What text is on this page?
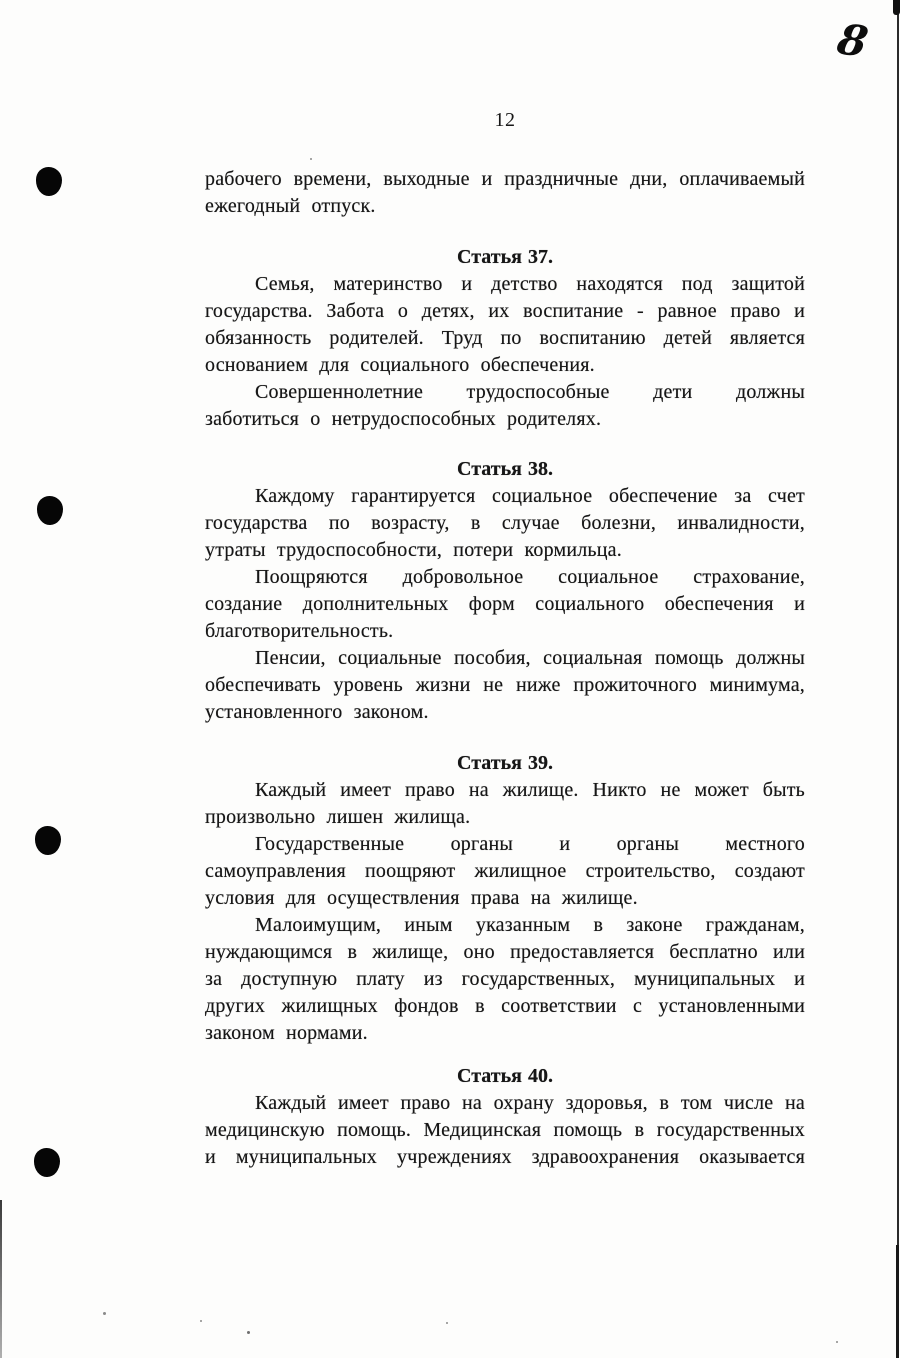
8
12

рабочего времени, выходные и праздничные дни, оплачиваемый ежегодный отпуск.

Статья 37.

Семья, материнство и детство находятся под защитой государства. Забота о детях, их воспитание - равное право и обязанность родителей. Труд по воспитанию детей является основанием для социального обеспечения.

Совершеннолетние трудоспособные дети должны заботиться о нетрудоспособных родителях.

Статья 38.

Каждому гарантируется социальное обеспечение за счет государства по возрасту, в случае болезни, инвалидности, утраты трудоспособности, потери кормильца.

Поощряются добровольное социальное страхование, создание дополнительных форм социального обеспечения и благотворительность.

Пенсии, социальные пособия, социальная помощь должны обеспечивать уровень жизни не ниже прожиточного минимума, установленного законом.

Статья 39.

Каждый имеет право на жилище. Никто не может быть произвольно лишен жилища.

Государственные органы и органы местного самоуправления поощряют жилищное строительство, создают условия для осуществления права на жилище.

Малоимущим, иным указанным в законе гражданам, нуждающимся в жилище, оно предоставляется бесплатно или за доступную плату из государственных, муниципальных и других жилищных фондов в соответствии с установленными законом нормами.

Статья 40.

Каждый имеет право на охрану здоровья, в том числе на медицинскую помощь. Медицинская помощь в государственных и муниципальных учреждениях здравоохранения оказывается
